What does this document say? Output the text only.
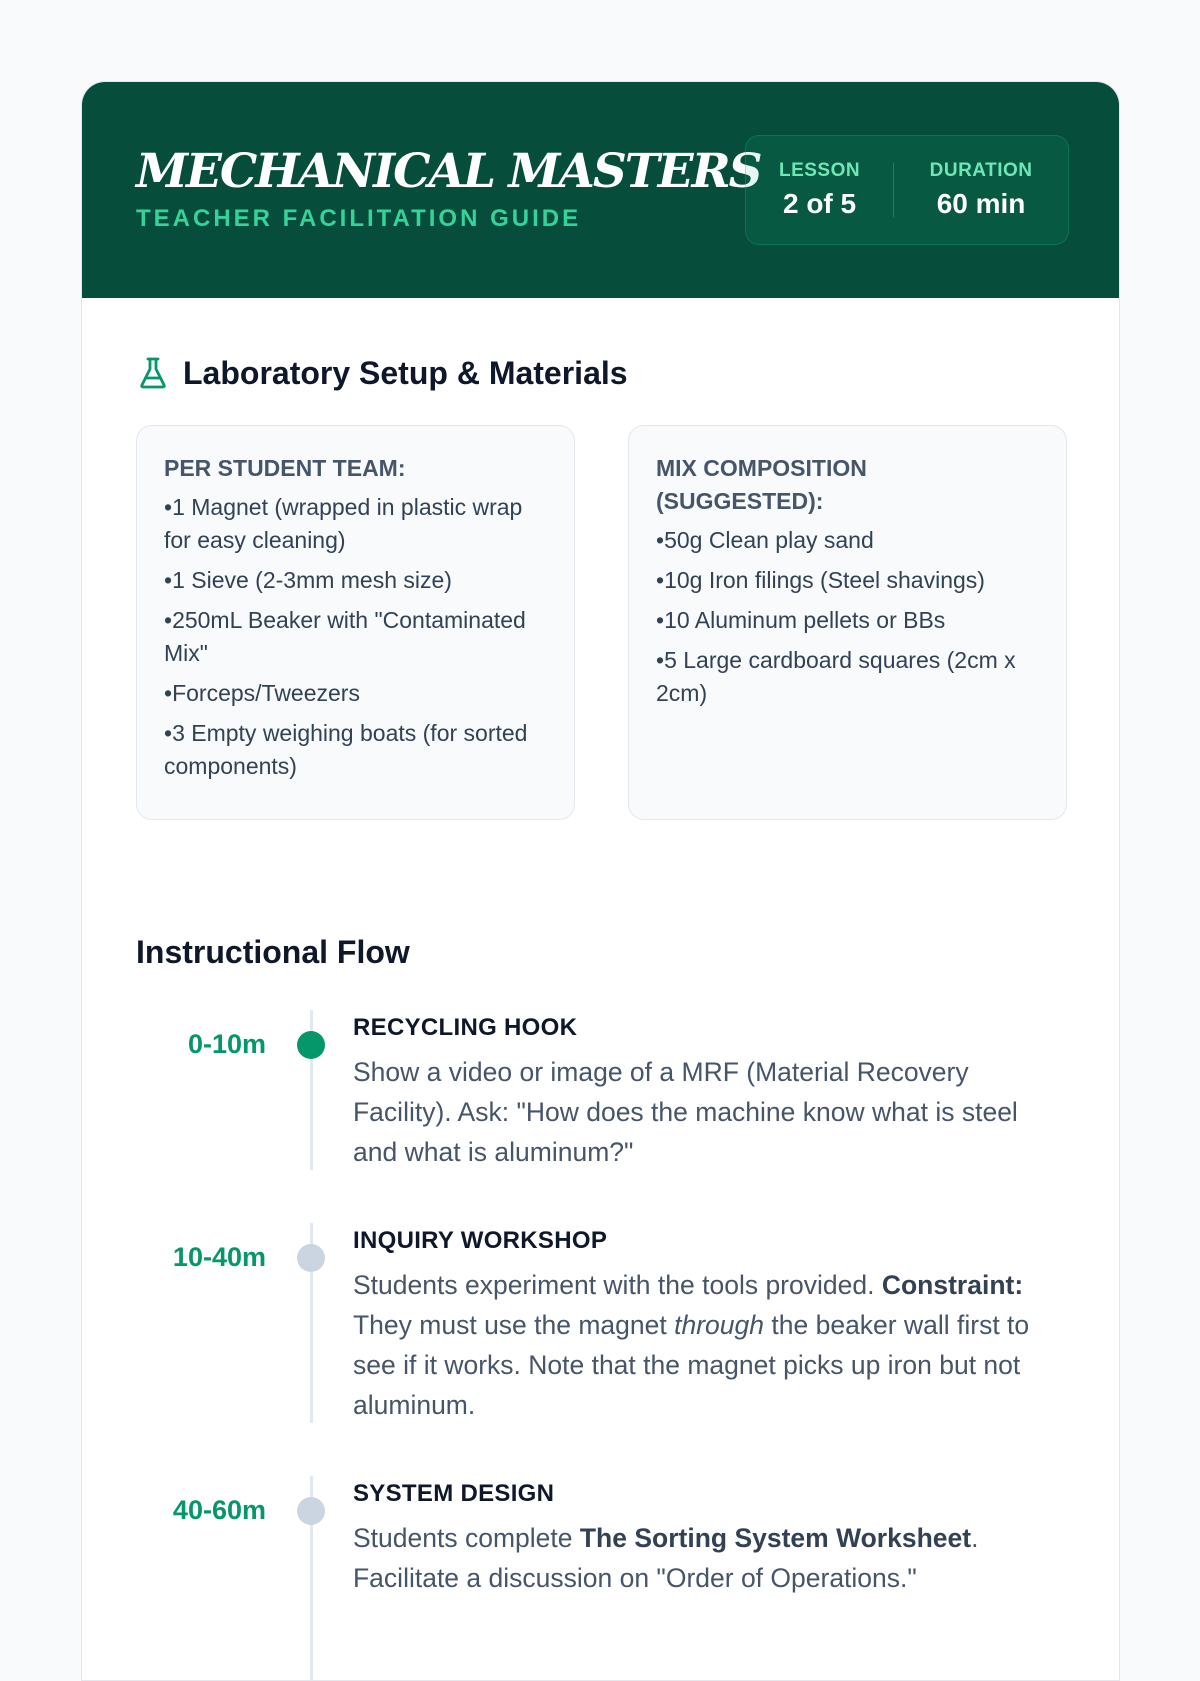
MECHANICAL MASTERS
TEACHER FACILITATION GUIDE
LESSON
2 of 5
DURATION
60 min
Laboratory Setup & Materials
PER STUDENT TEAM:
• 1 Magnet (wrapped in plastic wrap for easy cleaning)
• 1 Sieve (2-3mm mesh size)
• 250mL Beaker with "Contaminated Mix"
• Forceps/Tweezers
• 3 Empty weighing boats (for sorted components)
MIX COMPOSITION (SUGGESTED):
• 50g Clean play sand
• 10g Iron filings (Steel shavings)
• 10 Aluminum pellets or BBs
• 5 Large cardboard squares (2cm x 2cm)
Instructional Flow
0-10m
RECYCLING HOOK
Show a video or image of a MRF (Material Recovery Facility). Ask: "How does the machine know what is steel and what is aluminum?"
10-40m
INQUIRY WORKSHOP
Students experiment with the tools provided. Constraint: They must use the magnet through the beaker wall first to see if it works. Note that the magnet picks up iron but not aluminum.
40-60m
SYSTEM DESIGN
Students complete The Sorting System Worksheet. Facilitate a discussion on "Order of Operations."
